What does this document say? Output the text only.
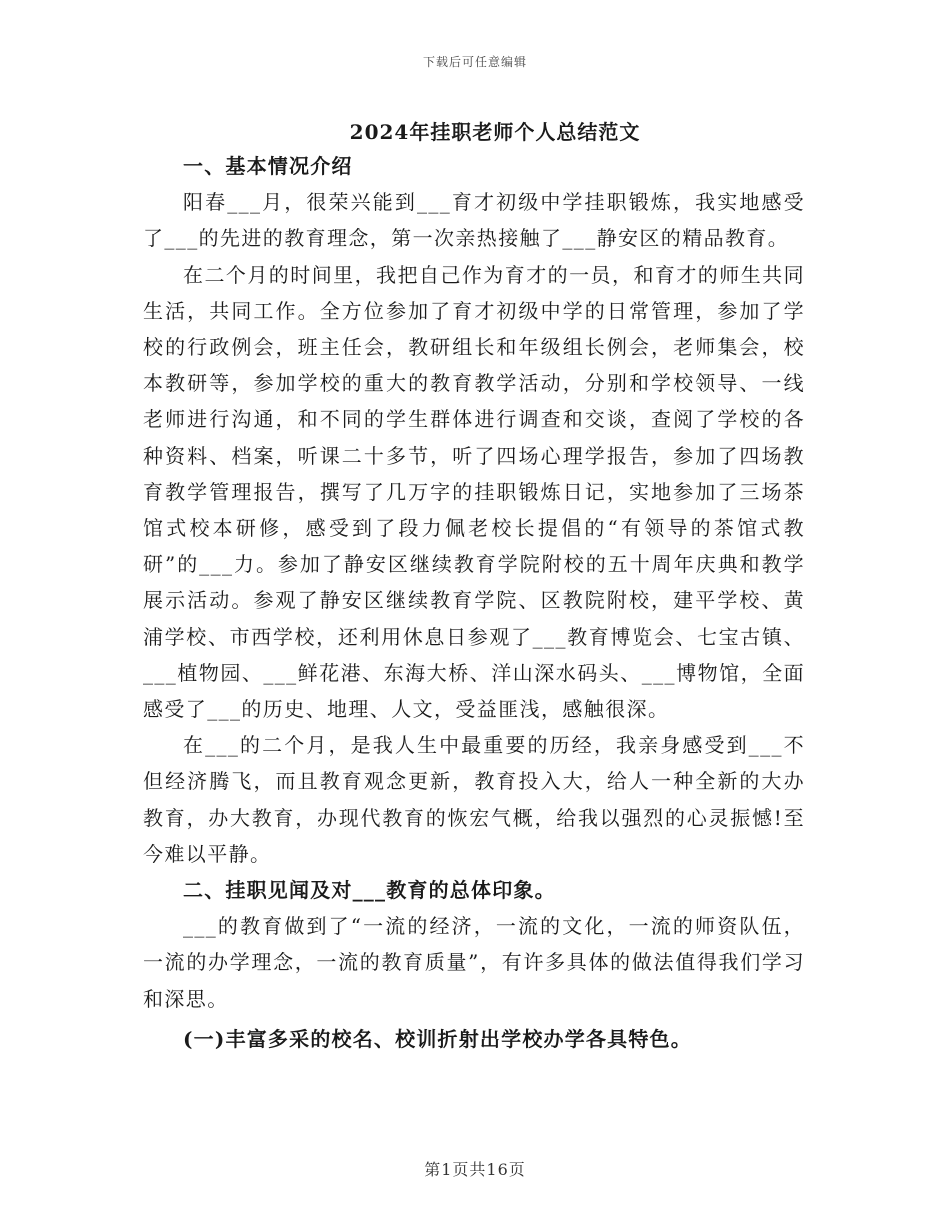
下载后可任意编辑
2024年挂职老师个人总结范文
一、基本情况介绍

阳春___月，很荣兴能到___育才初级中学挂职锻炼，我实地感受了___的先进的教育理念，第一次亲热接触了___静安区的精品教育。

在二个月的时间里，我把自己作为育才的一员，和育才的师生共同生活，共同工作。全方位参加了育才初级中学的日常管理，参加了学校的行政例会，班主任会，教研组长和年级组长例会，老师集会，校本教研等，参加学校的重大的教育教学活动，分别和学校领导、一线老师进行沟通，和不同的学生群体进行调查和交谈，查阅了学校的各种资料、档案，听课二十多节，听了四场心理学报告，参加了四场教育教学管理报告，撰写了几万字的挂职锻炼日记，实地参加了三场茶馆式校本研修，感受到了段力佩老校长提倡的“有领导的茶馆式教研”的___力。参加了静安区继续教育学院附校的五十周年庆典和教学展示活动。参观了静安区继续教育学院、区教院附校，建平学校、黄浦学校、市西学校，还利用休息日参观了___教育博览会、七宝古镇、___植物园、___鲜花港、东海大桥、洋山深水码头、___博物馆，全面感受了___的历史、地理、人文，受益匪浅，感触很深。

在___的二个月，是我人生中最重要的历经，我亲身感受到___不但经济腾飞，而且教育观念更新，教育投入大，给人一种全新的大办教育，办大教育，办现代教育的恢宏气概，给我以强烈的心灵振憾!至今难以平静。

二、挂职见闻及对___教育的总体印象。

___的教育做到了“一流的经济，一流的文化，一流的师资队伍，一流的办学理念，一流的教育质量”，有许多具体的做法值得我们学习和深思。

(一)丰富多采的校名、校训折射出学校办学各具特色。
第1页共16页
